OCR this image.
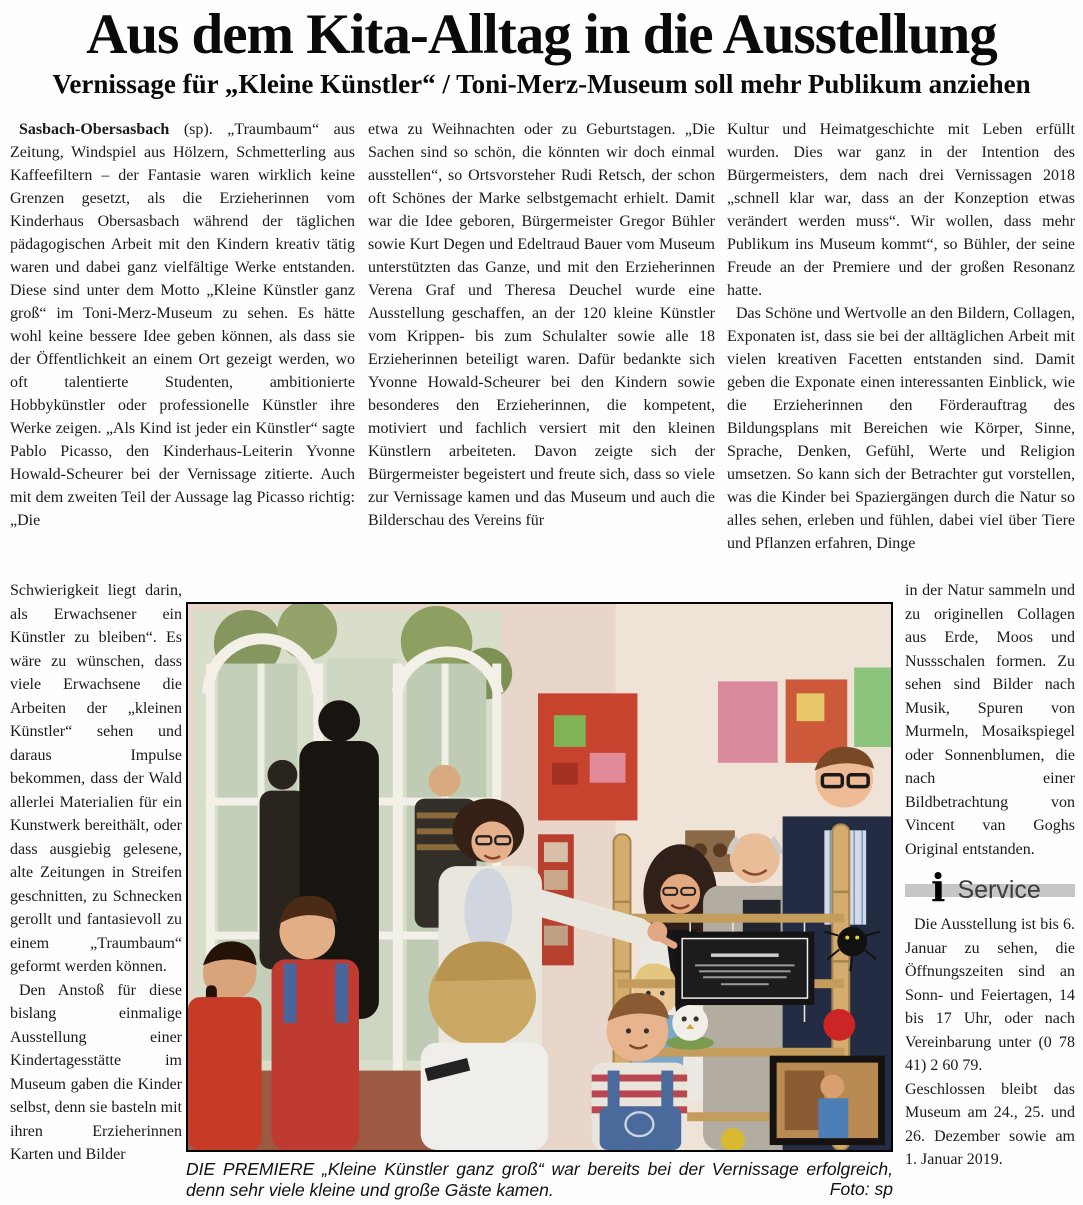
Aus dem Kita-Alltag in die Ausstellung
Vernissage für „Kleine Künstler“ / Toni-Merz-Museum soll mehr Publikum anziehen

Sasbach-Obersasbach (sp). „Traumbaum“ aus Zeitung, Windspiel aus Hölzern, Schmetterling aus Kaffeefiltern – der Fantasie waren wirklich keine Grenzen gesetzt, als die Erzieherinnen vom Kinderhaus Obersasbach während der täglichen pädagogischen Arbeit mit den Kindern kreativ tätig waren und dabei ganz vielfältige Werke entstanden. Diese sind unter dem Motto „Kleine Künstler ganz groß“ im Toni-Merz-Museum zu sehen. Es hätte wohl keine bessere Idee geben können, als dass sie der Öffentlichkeit an einem Ort gezeigt werden, wo oft talentierte Studenten, ambitionierte Hobbykünstler oder professionelle Künstler ihre Werke zeigen. „Als Kind ist jeder ein Künstler“ sagte Pablo Picasso, den Kinderhaus-Leiterin Yvonne Howald-Scheurer bei der Vernissage zitierte. Auch mit dem zweiten Teil der Aussage lag Picasso richtig: „Die

Schwierigkeit liegt darin, als Erwachsener ein Künstler zu bleiben“. Es wäre zu wünschen, dass viele Erwachsene die Arbeiten der „kleinen Künstler“ sehen und daraus Impulse bekommen, dass der Wald allerlei Materialien für ein Kunstwerk bereithält, oder dass ausgiebig gelesene, alte Zeitungen in Streifen geschnitten, zu Schnecken gerollt und fantasievoll zu einem „Traumbaum“ geformt werden können.

Den Anstoß für diese bislang einmalige Ausstellung einer Kindertagesstätte im Museum gaben die Kinder selbst, denn sie basteln mit ihren Erzieherinnen Karten und Bilder

etwa zu Weihnachten oder zu Geburtstagen. „Die Sachen sind so schön, die könnten wir doch einmal ausstellen“, so Ortsvorsteher Rudi Retsch, der schon oft Schönes der Marke selbstgemacht erhielt. Damit war die Idee geboren, Bürgermeister Gregor Bühler sowie Kurt Degen und Edeltraud Bauer vom Museum unterstützten das Ganze, und mit den Erzieherinnen Verena Graf und Theresa Deuchel wurde eine Ausstellung geschaffen, an der 120 kleine Künstler vom Krippen- bis zum Schulalter sowie alle 18 Erzieherinnen beteiligt waren. Dafür bedankte sich Yvonne Howald-Scheurer bei den Kindern sowie besonderes den Erzieherinnen, die kompetent, motiviert und fachlich versiert mit den kleinen Künstlern arbeiteten. Davon zeigte sich der Bürgermeister begeistert und freute sich, dass so viele zur Vernissage kamen und das Museum und auch die Bilderschau des Vereins für

Kultur und Heimatgeschichte mit Leben erfüllt wurden. Dies war ganz in der Intention des Bürgermeisters, dem nach drei Vernissagen 2018 „schnell klar war, dass an der Konzeption etwas verändert werden muss“. Wir wollen, dass mehr Publikum ins Museum kommt“, so Bühler, der seine Freude an der Premiere und der großen Resonanz hatte.

Das Schöne und Wertvolle an den Bildern, Collagen, Exponaten ist, dass sie bei der alltäglichen Arbeit mit vielen kreativen Facetten entstanden sind. Damit geben die Exponate einen interessanten Einblick, wie die Erzieherinnen den Förderauftrag des Bildungsplans mit Bereichen wie Körper, Sinne, Sprache, Denken, Gefühl, Werte und Religion umsetzen. So kann sich der Betrachter gut vorstellen, was die Kinder bei Spaziergängen durch die Natur so alles sehen, erleben und fühlen, dabei viel über Tiere und Pflanzen erfahren, Dinge

in der Natur sammeln und zu originellen Collagen aus Erde, Moos und Nussschalen formen. Zu sehen sind Bilder nach Musik, Spuren von Murmeln, Mosaikspiegel oder Sonnenblumen, die nach einer Bildbetrachtung von Vincent van Goghs Original entstanden.

i Service

Die Ausstellung ist bis 6. Januar zu sehen, die Öffnungszeiten sind an Sonn- und Feiertagen, 14 bis 17 Uhr, oder nach Vereinbarung unter (0 78 41) 2 60 79.

Geschlossen bleibt das Museum am 24., 25. und 26. Dezember sowie am 1. Januar 2019.

DIE PREMIERE „Kleine Künstler ganz groß“ war bereits bei der Vernissage erfolgreich, denn sehr viele kleine und große Gäste kamen.	Foto: sp
